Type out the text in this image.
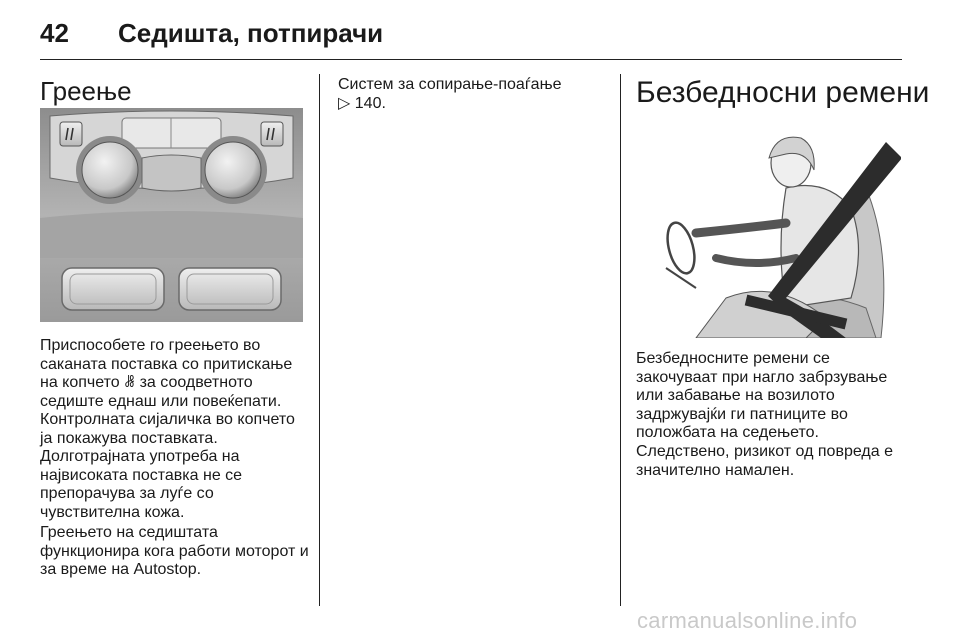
42 Седишта, потпирачи
Греење

Приспособете го греењето во саканата поставка со притискање на копчето ꗡ за соодветното седиште еднаш или повеќепати. Контролната сијаличка во копчето ја покажува поставката.

Долготрајната употреба на највисоката поставка не се препорачува за луѓе со чувствителна кожа.

Греењето на седиштата функционира кога работи моторот и за време на Autostop.

Систем за сопирање-поаѓање
▷ 140.	Безбедносни ремени

Безбедносните ремени се закочуваат при нагло забрзување или забавање на возилото задржувајќи ги патниците во положбата на седењето. Следствено, ризикот од повреда е значително намален.

carmanualsonline.info
